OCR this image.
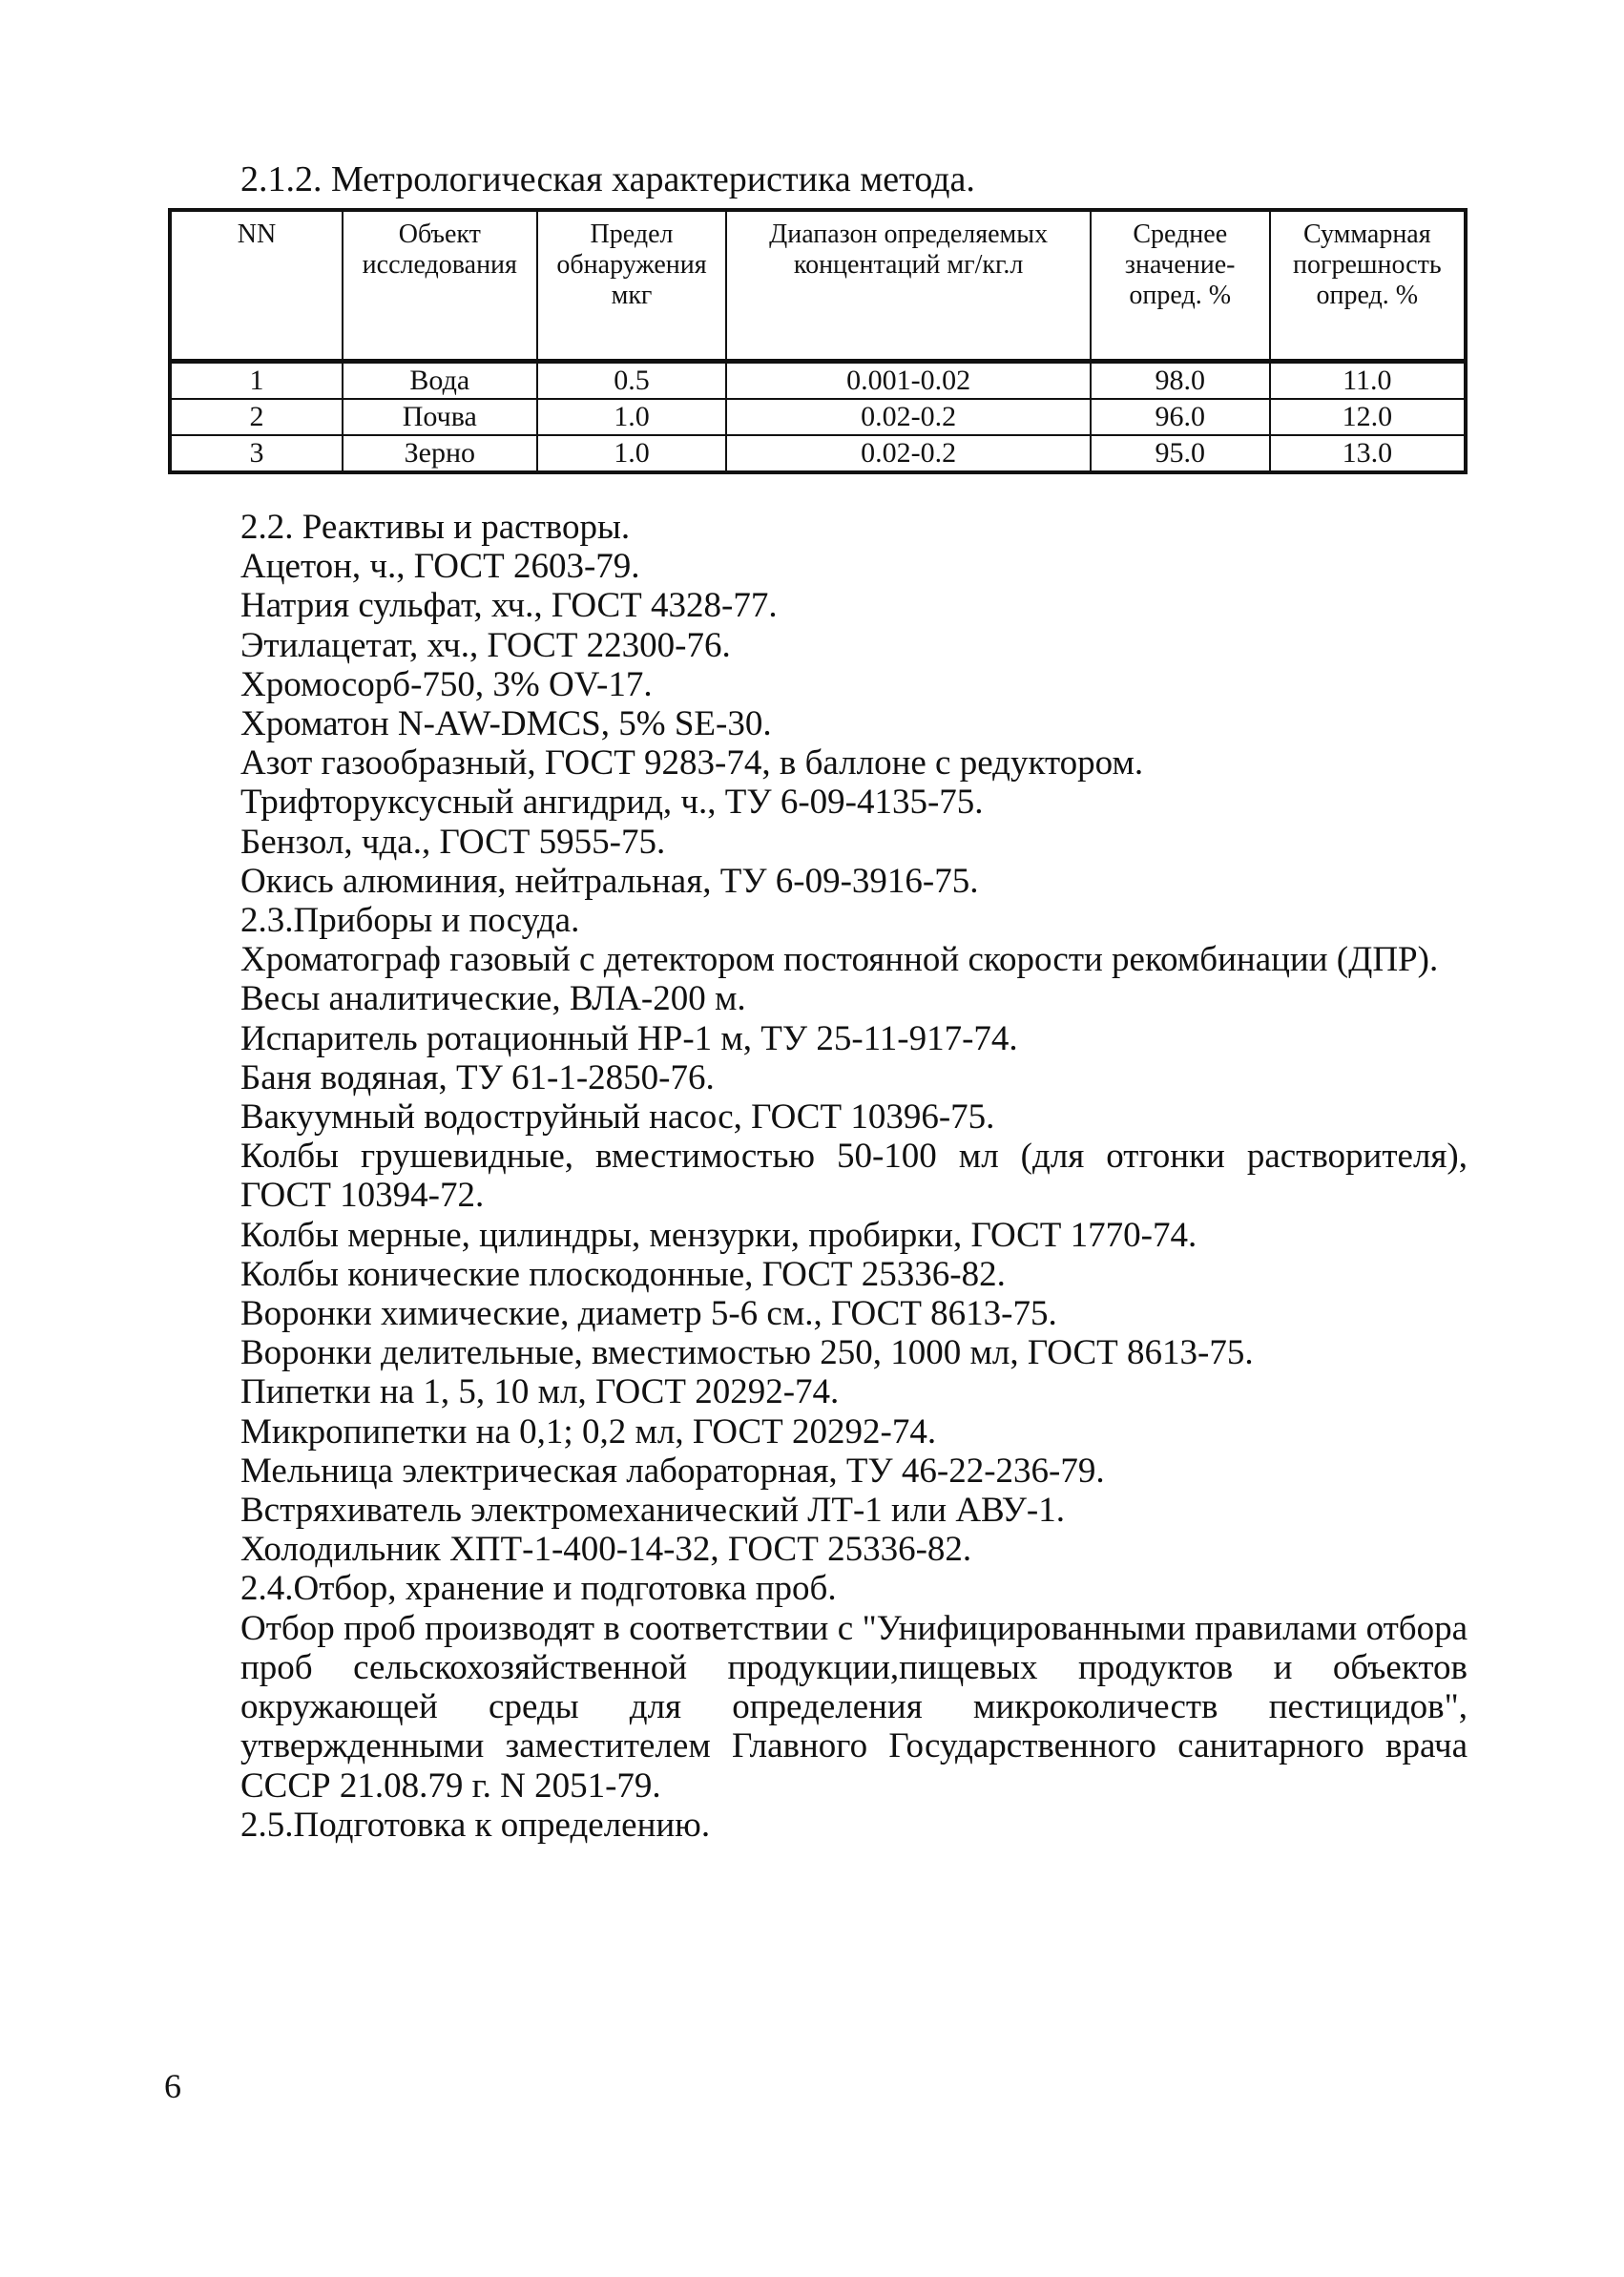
2.1.2. Метрологическая характеристика метода.
NN	Объект исследования	Предел обнаружения мкг	Диапазон определяемых концентаций мг/кг.л	Среднее значение-опред. %	Суммарная погрешность опред. %
1	Вода	0.5	0.001-0.02	98.0	11.0
2	Почва	1.0	0.02-0.2	96.0	12.0
3	Зерно	1.0	0.02-0.2	95.0	13.0

2.2. Реактивы и растворы.

Ацетон, ч., ГОСТ 2603-79.

Натрия сульфат, хч., ГОСТ 4328-77.

Этилацетат, хч., ГОСТ 22300-76.

Хромосорб-750, 3% OV-17.

Хроматон N-AW-DMCS, 5% SE-30.

Азот газообразный, ГОСТ 9283-74, в баллоне с редуктором.

Трифторуксусный ангидрид, ч., ТУ 6-09-4135-75.

Бензол, чда., ГОСТ 5955-75.

Окись алюминия, нейтральная, ТУ 6-09-3916-75.

2.3.Приборы и посуда.

Хроматограф газовый с детектором постоянной скорости рекомбинации (ДПР).

Весы аналитические, ВЛА-200 м.

Испаритель ротационный НР-1 м, ТУ 25-11-917-74.

Баня водяная, ТУ 61-1-2850-76.

Вакуумный водоструйный насос, ГОСТ 10396-75.

Колбы грушевидные, вместимостью 50-100 мл (для отгонки растворителя), ГОСТ 10394-72.

Колбы мерные, цилиндры, мензурки, пробирки, ГОСТ 1770-74.

Колбы конические плоскодонные, ГОСТ 25336-82.

Воронки химические, диаметр 5-6 см., ГОСТ 8613-75.

Воронки делительные, вместимостью 250, 1000 мл, ГОСТ 8613-75.

Пипетки на 1, 5, 10 мл, ГОСТ 20292-74.

Микропипетки на 0,1; 0,2 мл, ГОСТ 20292-74.

Мельница электрическая лабораторная, ТУ 46-22-236-79.

Встряхиватель электромеханический ЛТ-1 или АВУ-1.

Холодильник ХПТ-1-400-14-32, ГОСТ 25336-82.

2.4.Отбор, хранение и подготовка проб.

Отбор проб производят в соответствии с "Унифицированными правилами отбора проб сельскохозяйственной продукции,пищевых продуктов и объектов окружающей среды для определения микроколичеств пестицидов", утвержденными заместителем Главного Государственного санитарного врача СССР 21.08.79 г. N 2051-79.

2.5.Подготовка к определению.

6
